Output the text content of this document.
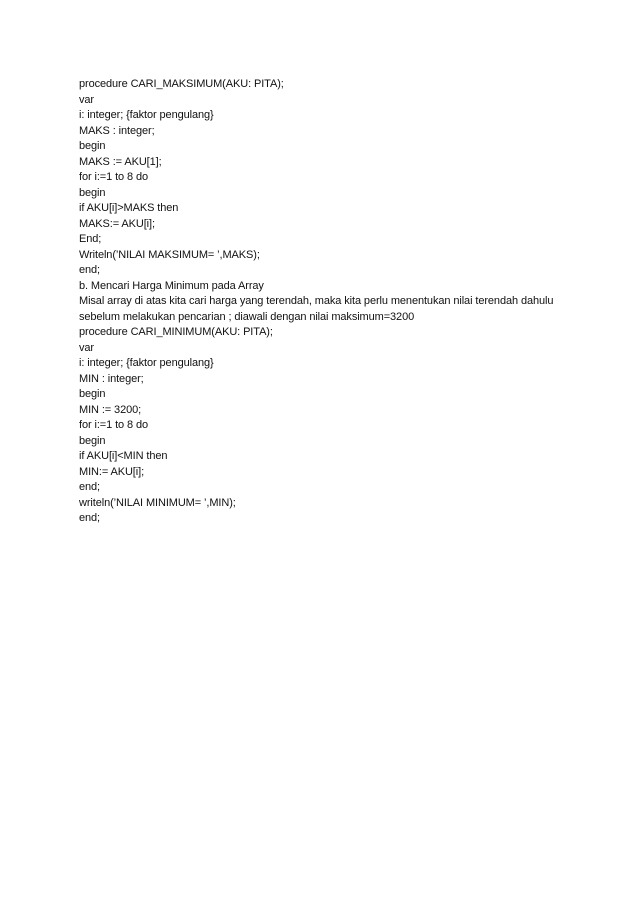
procedure CARI_MAKSIMUM(AKU: PITA);

var

i: integer; {faktor pengulang}

MAKS : integer;

begin

MAKS := AKU[1];

for i:=1 to 8 do

begin

if AKU[i]>MAKS then

MAKS:= AKU[i];

End;

Writeln(’NILAI MAKSIMUM= ’,MAKS);

end;

b. Mencari Harga Minimum pada Array

Misal array di atas kita cari harga yang terendah, maka kita perlu menentukan nilai terendah dahulu

sebelum melakukan pencarian ; diawali dengan nilai maksimum=3200

procedure CARI_MINIMUM(AKU: PITA);

var

i: integer; {faktor pengulang}

MIN : integer;

begin

MIN := 3200;

for i:=1 to 8 do

begin

if AKU[i]<MIN then

MIN:= AKU[i];

end;

writeln(’NILAI MINIMUM= ’,MIN);

end;
